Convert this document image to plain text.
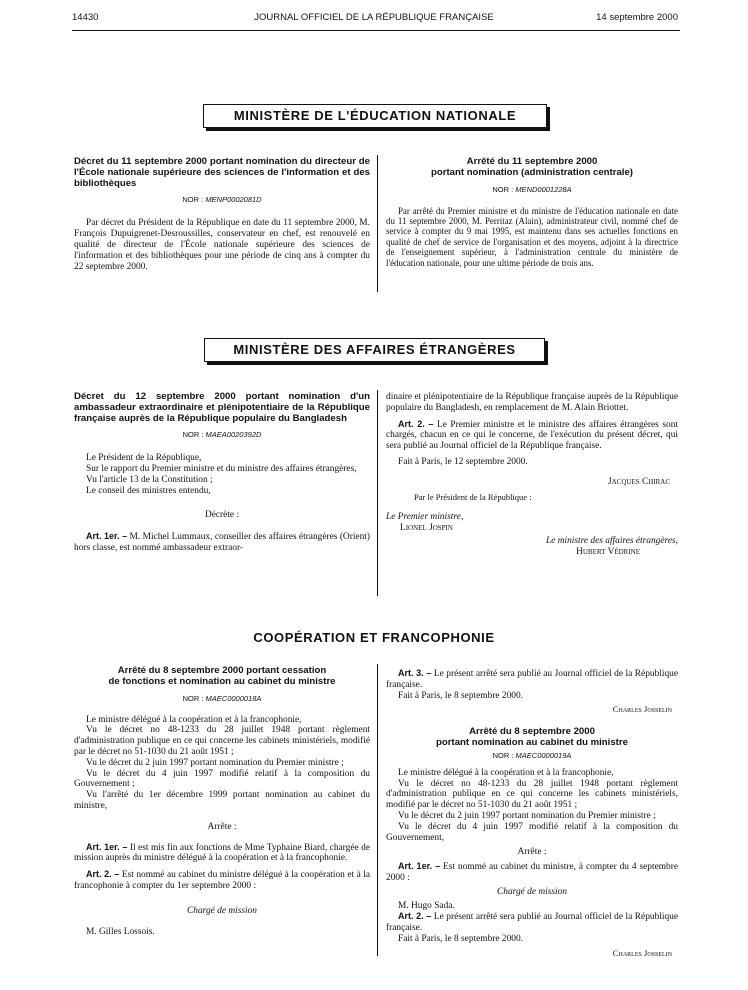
14430	JOURNAL OFFICIEL DE LA RÉPUBLIQUE FRANÇAISE	14 septembre 2000
MINISTÈRE DE L'ÉDUCATION NATIONALE

Décret du 11 septembre 2000 portant nomination du directeur de l'École nationale supérieure des sciences de l'information et des bibliothèques

NOR : MENP0002081D

Par décret du Président de la République en date du 11 septembre 2000, M. François Dupuigrenet-Desroussilles, conservateur en chef, est renouvelé en qualité de directeur de l'École nationale supérieure des sciences de l'information et des bibliothèques pour une période de cinq ans à compter du 22 septembre 2000.

Arrêté du 11 septembre 2000

portant nomination (administration centrale)

NOR : MEND0001228A

Par arrêté du Premier ministre et du ministre de l'éducation nationale en date du 11 septembre 2000, M. Perritaz (Alain), administrateur civil, nommé chef de service à compter du 9 mai 1995, est maintenu dans ses actuelles fonctions en qualité de chef de service de l'organisation et des moyens, adjoint à la directrice de l'enseignement supérieur, à l'administration centrale du ministère de l'éducation nationale, pour une ultime période de trois ans.

MINISTÈRE DES AFFAIRES ÉTRANGÈRES

Décret du 12 septembre 2000 portant nomination d'un ambassadeur extraordinaire et plénipotentiaire de la République française auprès de la République populaire du Bangladesh

NOR : MAEA0020392D

Le Président de la République,

Sur le rapport du Premier ministre et du ministre des affaires étrangères,

Vu l'article 13 de la Constitution ;

Le conseil des ministres entendu,

Décrète :

Art. 1er. – M. Michel Lummaux, conseiller des affaires étrangères (Orient) hors classe, est nommé ambassadeur extraor-

dinaire et plénipotentiaire de la République française auprès de la République populaire du Bangladesh, en remplacement de M. Alain Briottet.

Art. 2. – Le Premier ministre et le ministre des affaires étrangères sont chargés, chacun en ce qui le concerne, de l'exécution du présent décret, qui sera publié au Journal officiel de la République française.

Fait à Paris, le 12 septembre 2000.

Jacques Chirac

Par le Président de la République :

Le Premier ministre,

Lionel Jospin

Le ministre des affaires étrangères,

Hubert Védrine

COOPÉRATION ET FRANCOPHONIE

Arrêté du 8 septembre 2000 portant cessation

de fonctions et nomination au cabinet du ministre

NOR : MAEC0000018A

Le ministre délégué à la coopération et à la francophonie,

Vu le décret no 48-1233 du 28 juillet 1948 portant règlement d'administration publique en ce qui concerne les cabinets ministériels, modifié par le décret no 51-1030 du 21 août 1951 ;

Vu le décret du 2 juin 1997 portant nomination du Premier ministre ;

Vu le décret du 4 juin 1997 modifié relatif à la composition du Gouvernement ;

Vu l'arrêté du 1er décembre 1999 portant nomination au cabinet du ministre,

Arrête :

Art. 1er. – Il est mis fin aux fonctions de Mme Typhaine Biard, chargée de mission auprès du ministre délégué à la coopération et à la francophonie.

Art. 2. – Est nommé au cabinet du ministre délégué à la coopération et à la francophonie à compter du 1er septembre 2000 :

Chargé de mission

M. Gilles Lossois.

Art. 3. – Le présent arrêté sera publié au Journal officiel de la République française.

Fait à Paris, le 8 septembre 2000.

Charles Josselin

Arrêté du 8 septembre 2000

portant nomination au cabinet du ministre

NOR : MAEC0000019A

Le ministre délégué à la coopération et à la francophonie,

Vu le décret no 48-1233 du 28 juillet 1948 portant règlement d'administration publique en ce qui concerne les cabinets ministériels, modifié par le décret no 51-1030 du 21 août 1951 ;

Vu le décret du 2 juin 1997 portant nomination du Premier ministre ;

Vu le décret du 4 juin 1997 modifié relatif à la composition du Gouvernement,

Arrête :

Art. 1er. – Est nommé au cabinet du ministre, à compter du 4 septembre 2000 :

Chargé de mission

M. Hugo Sada.

Art. 2. – Le présent arrêté sera publié au Journal officiel de la République française.

Fait à Paris, le 8 septembre 2000.

Charles Josselin
